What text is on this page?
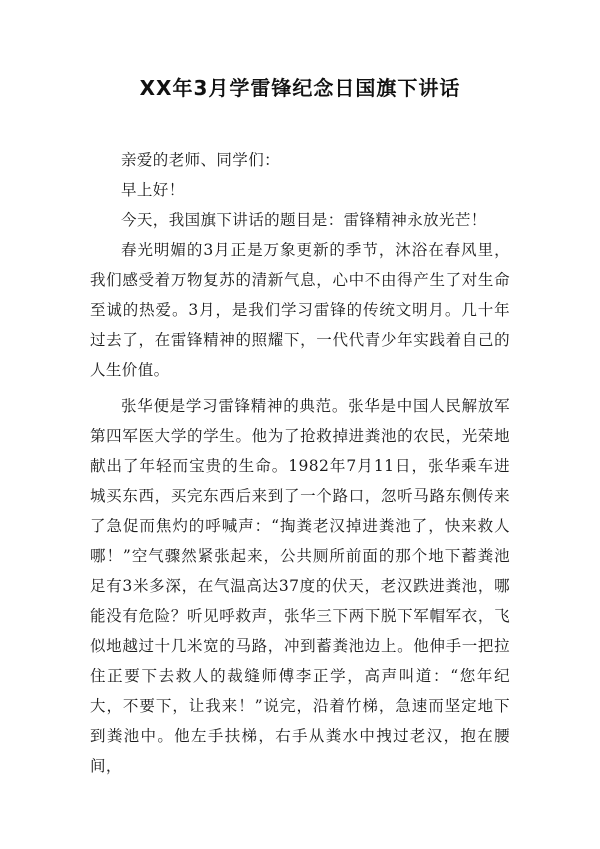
XX年3月学雷锋纪念日国旗下讲话

亲爱的老师、同学们：

早上好！

今天，我国旗下讲话的题目是：雷锋精神永放光芒！

春光明媚的3月正是万象更新的季节，沐浴在春风里，我们感受着万物复苏的清新气息，心中不由得产生了对生命至诚的热爱。3月，是我们学习雷锋的传统文明月。几十年过去了，在雷锋精神的照耀下，一代代青少年实践着自己的人生价值。

张华便是学习雷锋精神的典范。张华是中国人民解放军第四军医大学的学生。他为了抢救掉进粪池的农民，光荣地献出了年轻而宝贵的生命。1982年7月11日，张华乘车进城买东西，买完东西后来到了一个路口，忽听马路东侧传来了急促而焦灼的呼喊声：“掏粪老汉掉进粪池了，快来救人哪！”空气骤然紧张起来，公共厕所前面的那个地下蓄粪池足有3米多深，在气温高达37度的伏天，老汉跌进粪池，哪能没有危险？听见呼救声，张华三下两下脱下军帽军衣，飞似地越过十几米宽的马路，冲到蓄粪池边上。他伸手一把拉住正要下去救人的裁缝师傅李正学，高声叫道：“您年纪大，不要下，让我来！”说完，沿着竹梯，急速而坚定地下到粪池中。他左手扶梯，右手从粪水中拽过老汉，抱在腰间，
